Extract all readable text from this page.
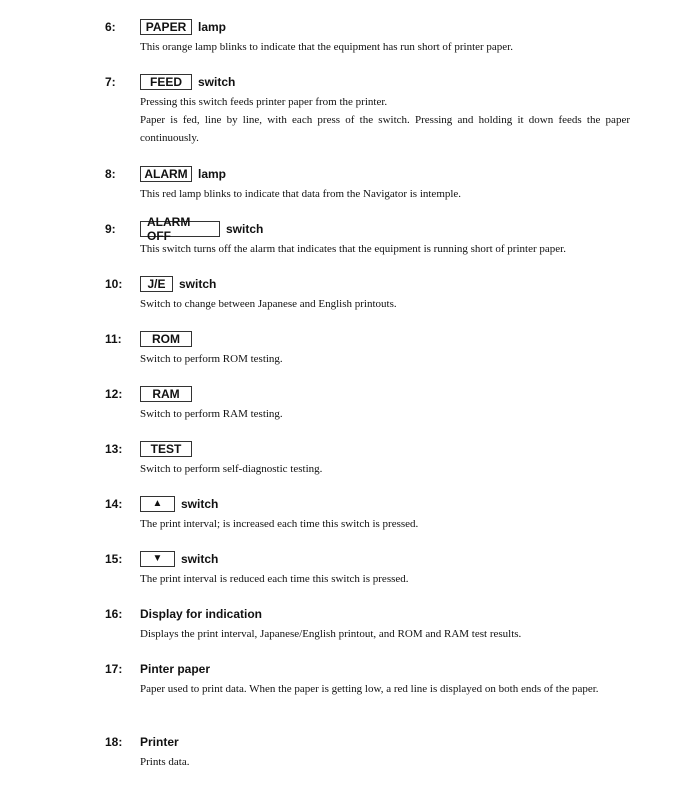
6:	PAPER lamp

This orange lamp blinks to indicate that the equipment has run short of printer paper.

7:	FEED	switch

Pressing this switch feeds printer paper from the printer.

Paper is fed, line by line, with each press of the switch. Pressing and holding it down feeds the paper continuously.

8:	ALARM lamp

This red lamp blinks to indicate that data from the Navigator is intemple.

9:	ALARM OFF	switch

This switch turns off the alarm that indicates that the equipment is running short of printer paper.

10:	J/E	switch

Switch to change between Japanese and English printouts.

11:	ROM

Switch to perform ROM testing.

12:	RAM

Switch to perform RAM testing.

13:	TEST

Switch to perform self-diagnostic testing.

14:	▲	switch

The print interval; is increased each time this switch is pressed.

15:	▼	switch

The print interval is reduced each time this switch is pressed.

16: Display for indication

Displays the print interval, Japanese/English printout, and ROM and RAM test results.

17: Pinter paper

Paper used to print data. When the paper is getting low, a red line is displayed on both ends of the paper.

18: Printer

Prints data.
